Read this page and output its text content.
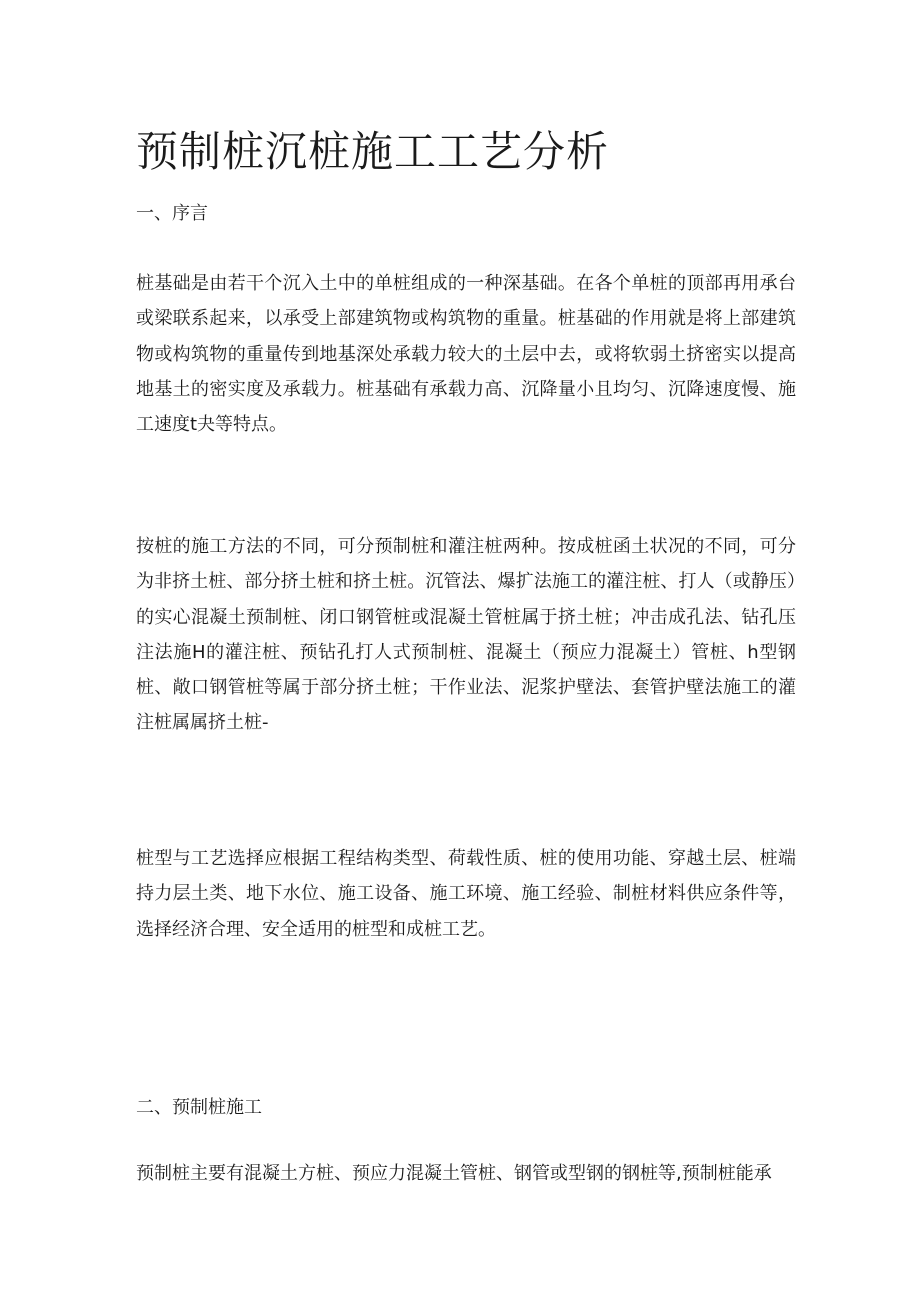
预制桩沉桩施工工艺分析
一、序言

桩基础是由若干个沉入土中的单桩组成的一种深基础。在各个单桩的顶部再用承台或梁联系起来，以承受上部建筑物或构筑物的重量。桩基础的作用就是将上部建筑物或构筑物的重量传到地基深处承载力较大的土层中去，或将软弱土挤密实以提高地基土的密实度及承载力。桩基础有承载力高、沉降量小且均匀、沉降速度慢、施工速度t夬等特点。

按桩的施工方法的不同，可分预制桩和灌注桩两种。按成桩函土状况的不同，可分为非挤土桩、部分挤土桩和挤土桩。沉管法、爆扩法施工的灌注桩、打人（或静压）的实心混凝土预制桩、闭口钢管桩或混凝土管桩属于挤土桩；冲击成孔法、钻孔压注法施H的灌注桩、预钻孔打人式预制桩、混凝土（预应力混凝土）管桩、h型钢桩、敞口钢管桩等属于部分挤土桩；干作业法、泥浆护壁法、套管护壁法施工的灌注桩属属挤土桩-

桩型与工艺选择应根据工程结构类型、荷载性质、桩的使用功能、穿越土层、桩端持力层土类、地下水位、施工设备、施工环境、施工经验、制桩材料供应条件等，选择经济合理、安全适用的桩型和成桩工艺。

二、预制桩施工

预制桩主要有混凝土方桩、预应力混凝土管桩、钢管或型钢的钢桩等,预制桩能承
